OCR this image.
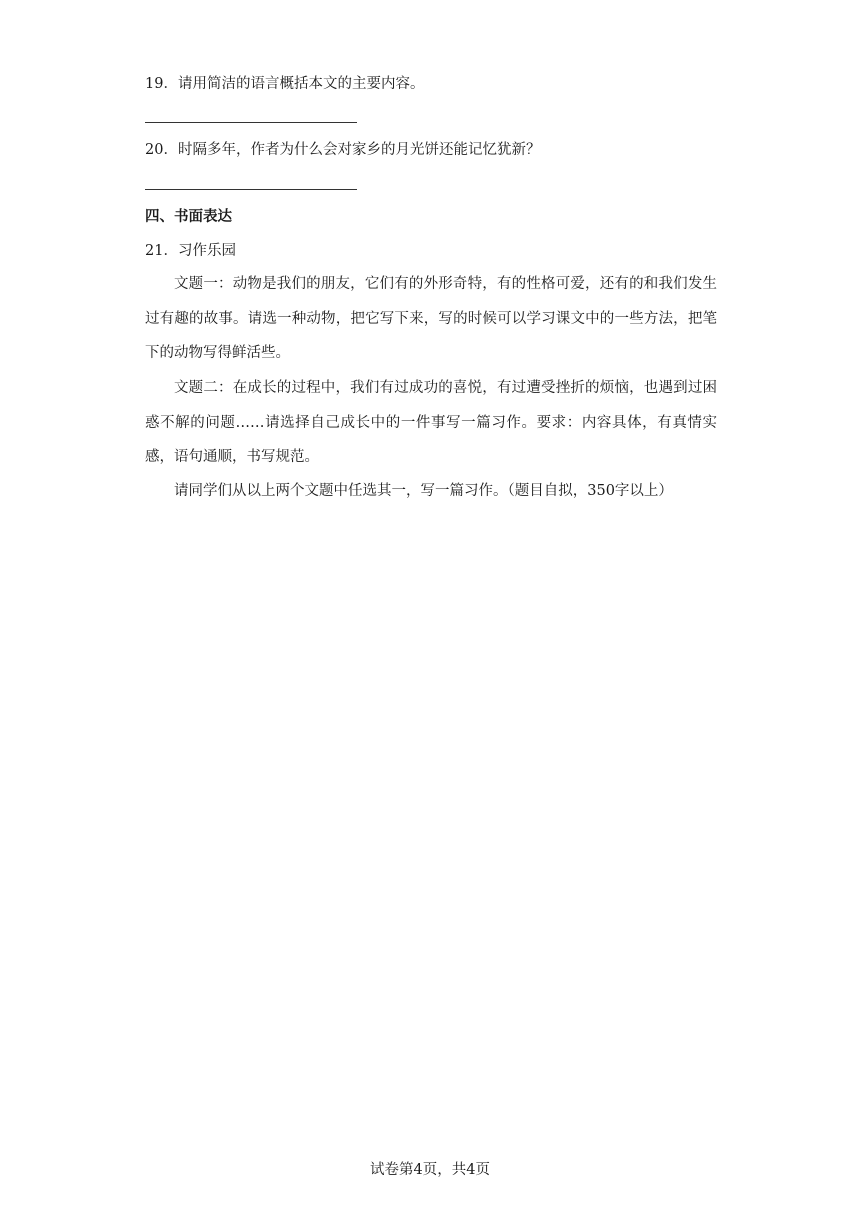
19．请用简洁的语言概括本文的主要内容。
20．时隔多年，作者为什么会对家乡的月光饼还能记忆犹新？
四、书面表达
21．习作乐园
文题一：动物是我们的朋友，它们有的外形奇特，有的性格可爱，还有的和我们发生过有趣的故事。请选一种动物，把它写下来，写的时候可以学习课文中的一些方法，把笔下的动物写得鲜活些。
文题二：在成长的过程中，我们有过成功的喜悦，有过遭受挫折的烦恼，也遇到过困惑不解的问题……请选择自己成长中的一件事写一篇习作。要求：内容具体，有真情实感，语句通顺，书写规范。
请同学们从以上两个文题中任选其一，写一篇习作。（题目自拟，350字以上）
试卷第4页，共4页
